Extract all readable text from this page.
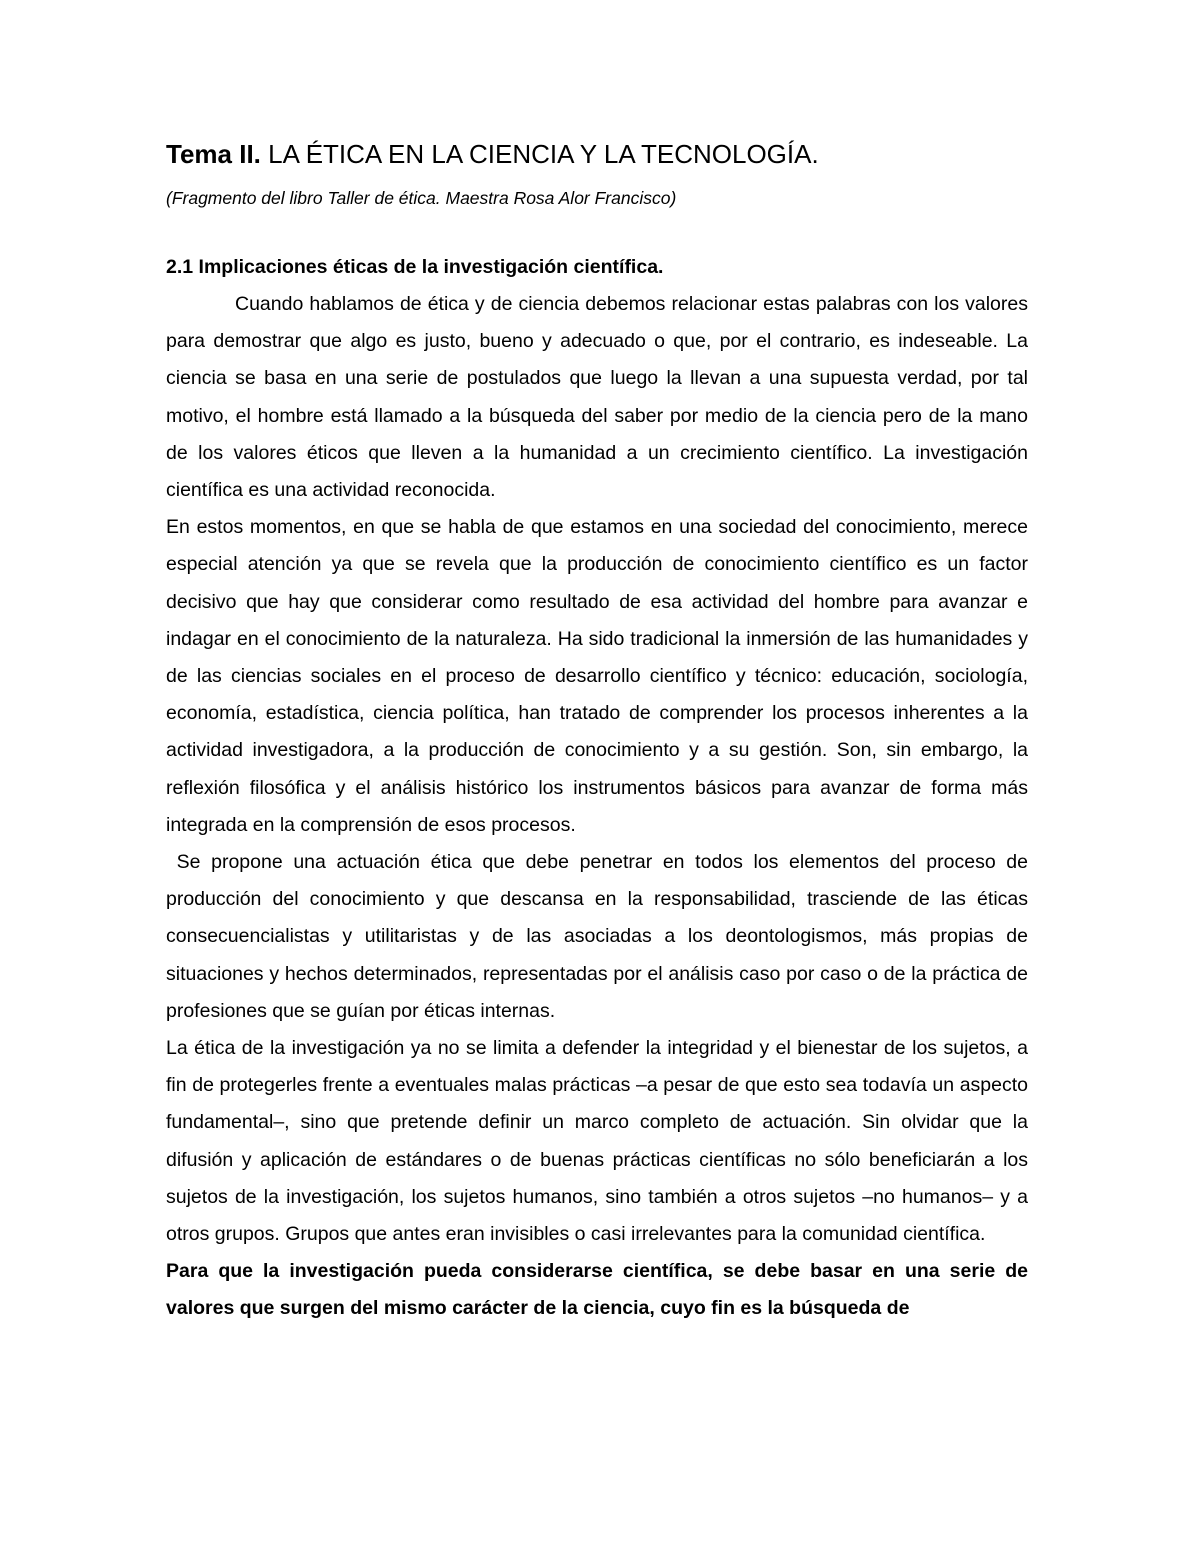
Tema II. LA ÉTICA EN LA CIENCIA Y LA TECNOLOGÍA.

(Fragmento del libro Taller de ética. Maestra Rosa Alor Francisco)

2.1 Implicaciones éticas de la investigación científica.

Cuando hablamos de ética y de ciencia debemos relacionar estas palabras con los valores para demostrar que algo es justo, bueno y adecuado o que, por el contrario, es indeseable. La ciencia se basa en una serie de postulados que luego la llevan a una supuesta verdad, por tal motivo, el hombre está llamado a la búsqueda del saber por medio de la ciencia pero de la mano de los valores éticos que lleven a la humanidad a un crecimiento científico. La investigación científica es una actividad reconocida.

En estos momentos, en que se habla de que estamos en una sociedad del conocimiento, merece especial atención ya que se revela que la producción de conocimiento científico es un factor decisivo que hay que considerar como resultado de esa actividad del hombre para avanzar e indagar en el conocimiento de la naturaleza. Ha sido tradicional la inmersión de las humanidades y de las ciencias sociales en el proceso de desarrollo científico y técnico: educación, sociología, economía, estadística, ciencia política, han tratado de comprender los procesos inherentes a la actividad investigadora, a la producción de conocimiento y a su gestión. Son, sin embargo, la reflexión filosófica y el análisis histórico los instrumentos básicos para avanzar de forma más integrada en la comprensión de esos procesos.

Se propone una actuación ética que debe penetrar en todos los elementos del proceso de producción del conocimiento y que descansa en la responsabilidad, trasciende de las éticas consecuencialistas y utilitaristas y de las asociadas a los deontologismos, más propias de situaciones y hechos determinados, representadas por el análisis caso por caso o de la práctica de profesiones que se guían por éticas internas.

La ética de la investigación ya no se limita a defender la integridad y el bienestar de los sujetos, a fin de protegerles frente a eventuales malas prácticas –a pesar de que esto sea todavía un aspecto fundamental–, sino que pretende definir un marco completo de actuación. Sin olvidar que la difusión y aplicación de estándares o de buenas prácticas científicas no sólo beneficiarán a los sujetos de la investigación, los sujetos humanos, sino también a otros sujetos –no humanos– y a otros grupos. Grupos que antes eran invisibles o casi irrelevantes para la comunidad científica.

Para que la investigación pueda considerarse científica, se debe basar en una serie de valores que surgen del mismo carácter de la ciencia, cuyo fin es la búsqueda de
